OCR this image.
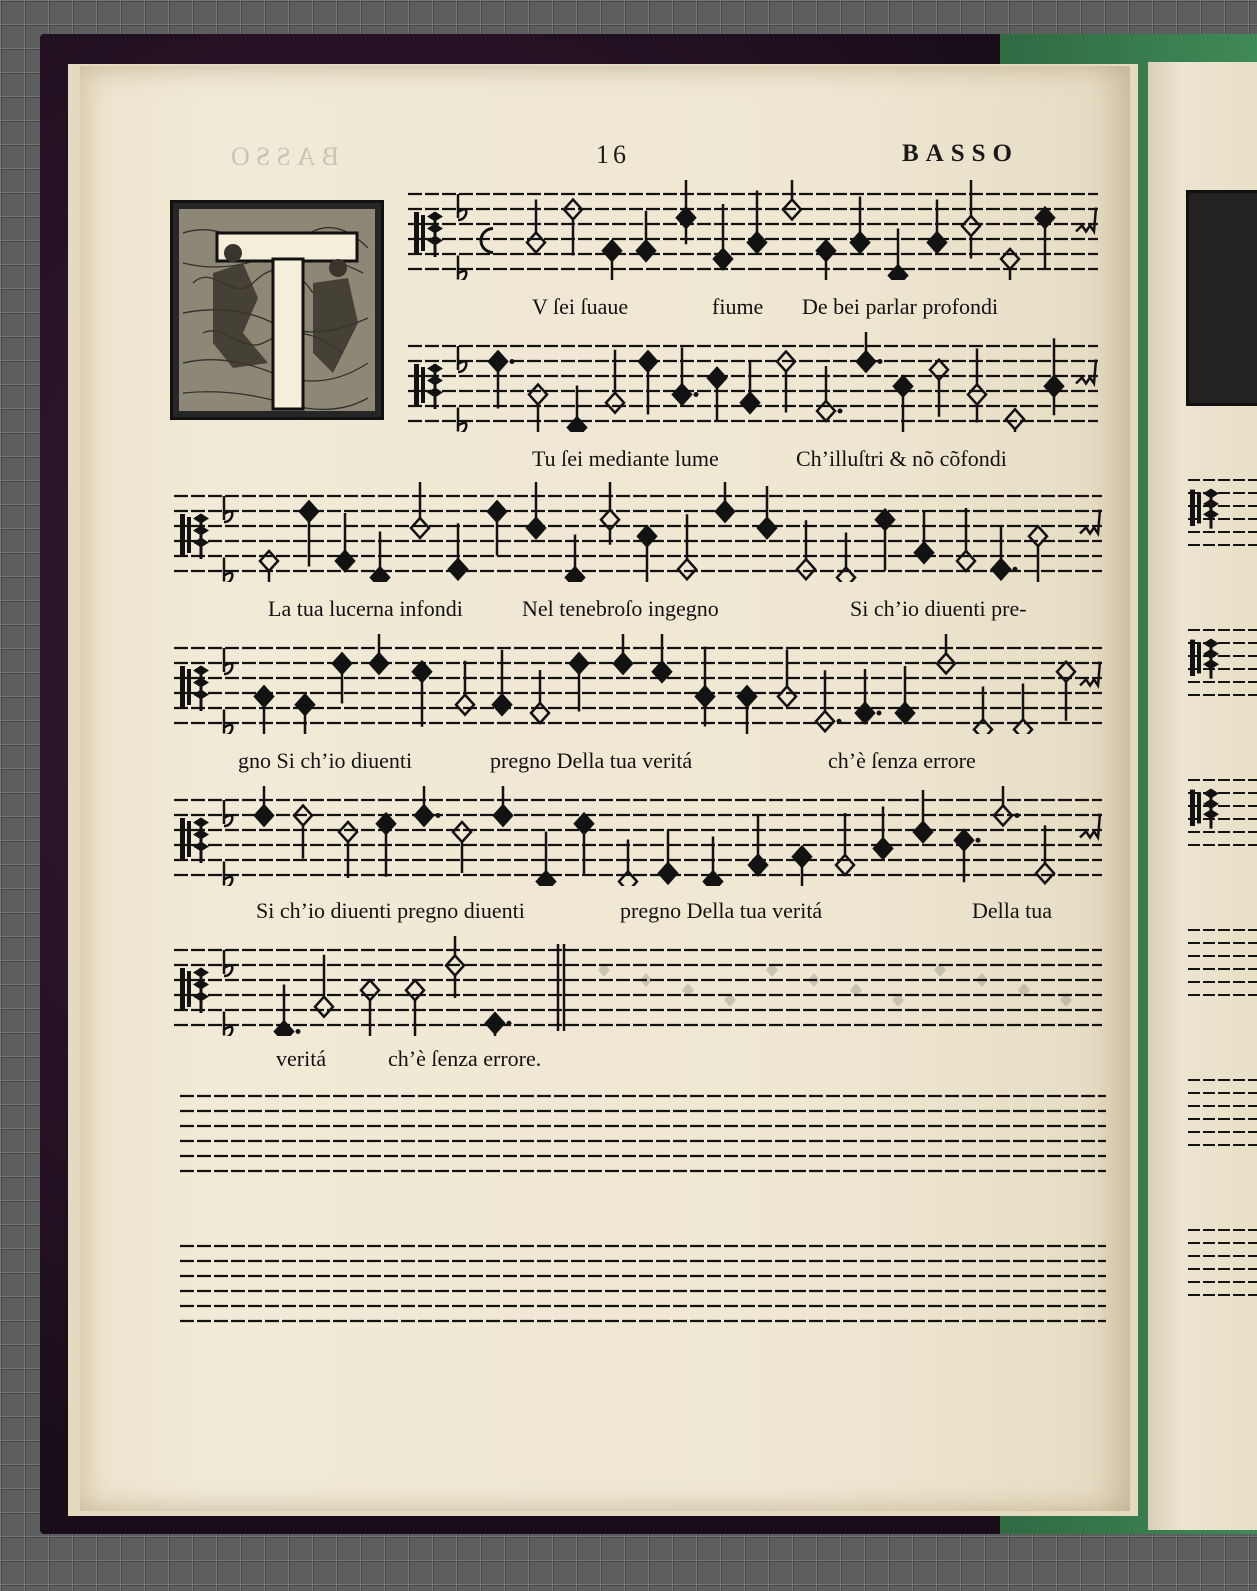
BASSO	16	BASSO
V ſei ſuaue	fiume De bei parlar profondi
Tu ſei mediante lume	Ch’illuſtri & nõ cõfondi
La tua lucerna infondi	Nel tenebroſo ingegno	Si ch’io diuenti pre-
gno Si ch’io diuenti	pregno Della tua veritá	ch’è ſenza errore
Si ch’io diuenti pregno diuenti	pregno Della tua veritá	Della tua
veritá	ch’è ſenza errore.
